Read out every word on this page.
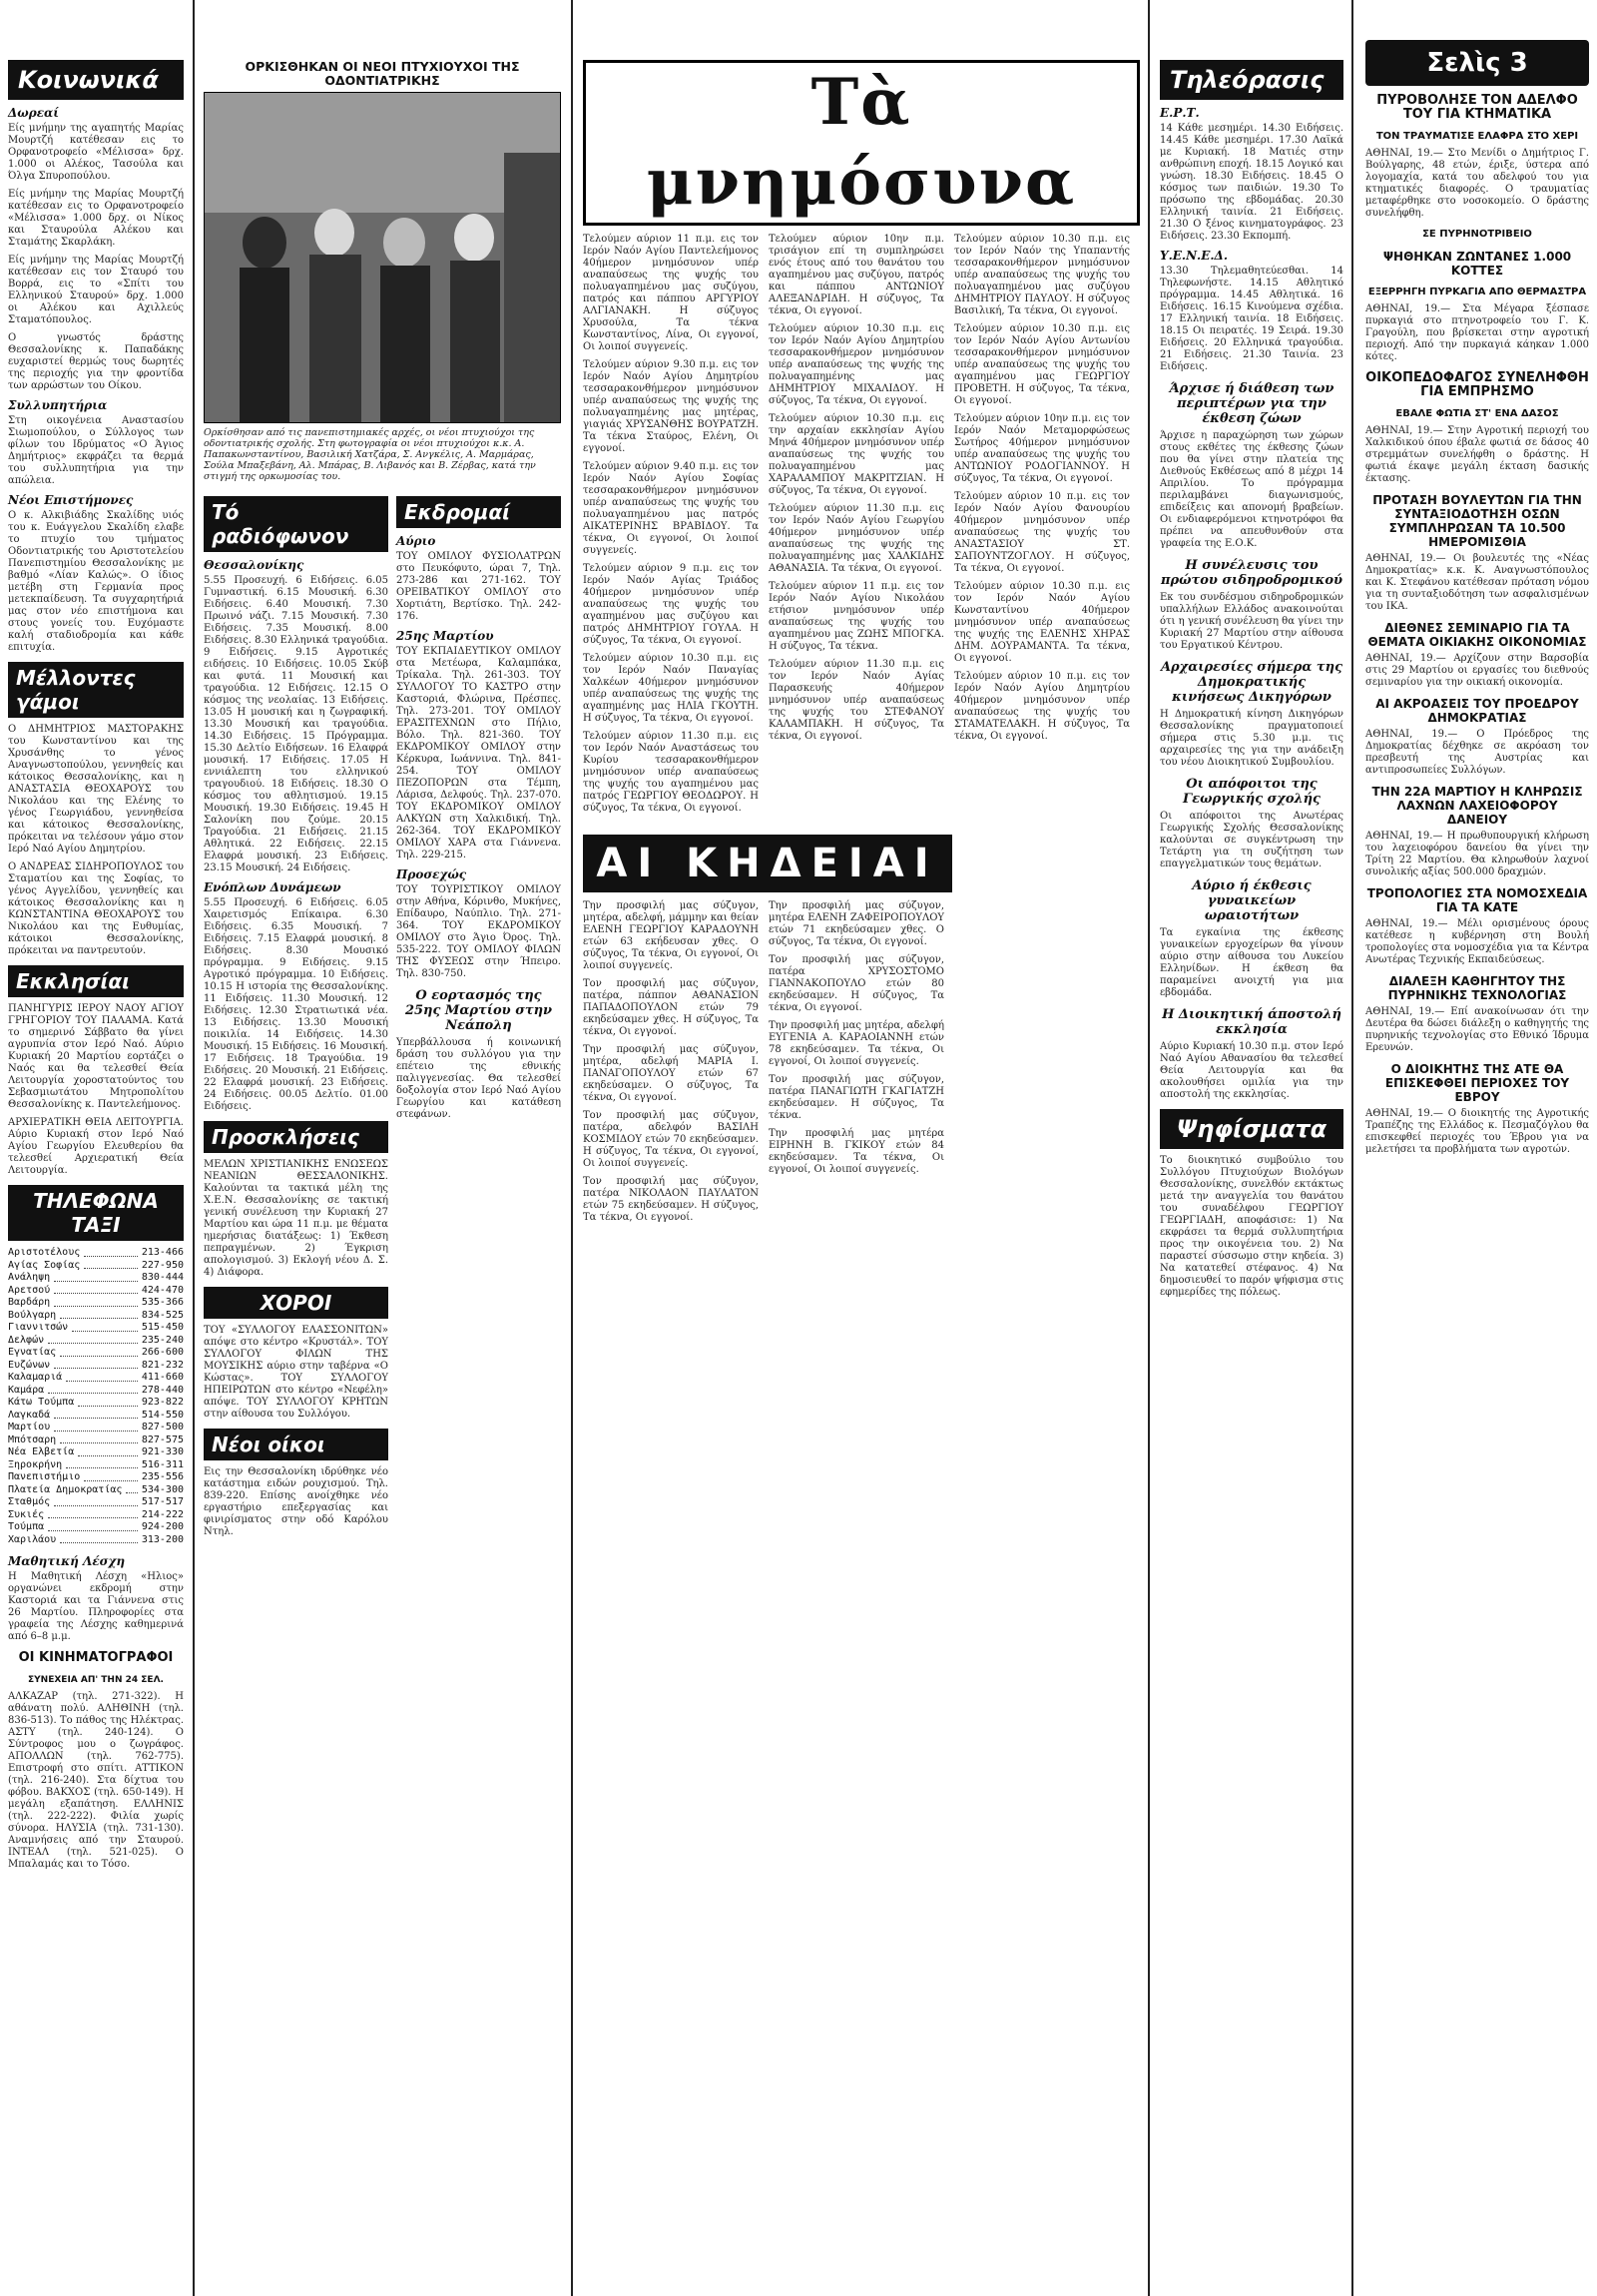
Κοινωνικά
Δωρεαί

Είς μνήμην της αγαπητής Μαρίας Μουρτζή κατέθεσαν εις το Ορφανοτροφείο «Μέλισσα» δρχ. 1.000 οι Αλέκος, Τασούλα και Όλγα Σπυροπούλου.

Είς μνήμην της Μαρίας Μουρτζή κατέθεσαν εις το Ορφανοτροφείο «Μέλισσα» 1.000 δρχ. οι Νίκος και Σταυρούλα Αλέκου και Σταμάτης Σκαρλάκη.

Είς μνήμην της Μαρίας Μουρτζή κατέθεσαν εις τον Σταυρό του Βορρά, εις το «Σπίτι του Ελληνικού Σταυρού» δρχ. 1.000 οι Αλέκου και Αχιλλεύς Σταματόπουλος.

Ο γνωστός δράστης Θεσσαλονίκης κ. Παπαδάκης ευχαριστεί θερμώς τους δωρητές της περιοχής για την φροντίδα των αρρώστων του Οίκου.

Συλλυπητήρια

Στη οικογένεια Αναστασίου Σιωμοπούλου, ο Σύλλογος των φίλων του Ιδρύματος «Ο Άγιος Δημήτριος» εκφράζει τα θερμά του συλλυπητήρια για την απώλεια.

Νέοι Επιστήμονες

Ο κ. Αλκιβιάδης Σκαλίδης υιός του κ. Ευάγγελου Σκαλίδη ελαβε το πτυχίο του τμήματος Οδοντιατρικής του Αριστοτελείου Πανεπιστημίου Θεσσαλονίκης με βαθμό «Λίαν Καλώς». Ο ίδιος μετέβη στη Γερμανία προς μετεκπαίδευση. Τα συγχαρητήριά μας στον νέο επιστήμονα και στους γονείς του. Ευχόμαστε καλή σταδιοδρομία και κάθε επιτυχία.

Μέλλοντες γάμοι

Ο ΔΗΜΗΤΡΙΟΣ ΜΑΣΤΟΡΑΚΗΣ του Κωνσταντίνου και της Χρυσάνθης το γένος Αναγνωστοπούλου, γεννηθείς και κάτοικος Θεσσαλονίκης, και η ΑΝΑΣΤΑΣΙΑ ΘΕΟΧΑΡΟΥΣ του Νικολάου και της Ελένης το γένος Γεωργιάδου, γεννηθείσα και κάτοικος Θεσσαλονίκης, πρόκειται να τελέσουν γάμο στον Ιερό Ναό Αγίου Δημητρίου.

Ο ΑΝΔΡΕΑΣ ΣΙΔΗΡΟΠΟΥΛΟΣ του Σταματίου και της Σοφίας, το γένος Αγγελίδου, γεννηθείς και κάτοικος Θεσσαλονίκης και η ΚΩΝΣΤΑΝΤΙΝΑ ΘΕΟΧΑΡΟΥΣ του Νικολάου και της Ευθυμίας, κάτοικοι Θεσσαλονίκης, πρόκειται να παντρευτούν.

Εκκλησίαι

ΠΑΝΗΓΥΡΙΣ ΙΕΡΟΥ ΝΑΟΥ ΑΓΙΟΥ ΓΡΗΓΟΡΙΟΥ ΤΟΥ ΠΑΛΑΜΑ. Κατά το σημερινό Σάββατο θα γίνει αγρυπνία στον Ιερό Ναό. Αύριο Κυριακή 20 Μαρτίου εορτάζει ο Ναός και θα τελεσθεί Θεία Λειτουργία χοροστατούντος του Σεβασμιωτάτου Μητροπολίτου Θεσσαλονίκης κ. Παντελεήμονος.

ΑΡΧΙΕΡΑΤΙΚΗ ΘΕΙΑ ΛΕΙΤΟΥΡΓΙΑ. Αύριο Κυριακή στον Ιερό Ναό Αγίου Γεωργίου Ελευθερίου θα τελεσθεί Αρχιερατική Θεία Λειτουργία.

ΤΗΛΕΦΩΝΑ ΤΑΞΙ
Αριστοτέλους	213-466
Αγίας Σοφίας	227-950
Ανάληψη	830-444
Αρετσού	424-470
Βαρδάρη	535-366
Βούλγαρη	834-525
Γιαννιτσών	515-450
Δελφών	235-240
Εγνατίας	266-600
Ευζώνων	821-232
Καλαμαριά	411-660
Καμάρα	278-440
Κάτω Τούμπα	923-822
Λαγκαδά	514-550
Μαρτίου	827-500
Μπότσαρη	827-575
Νέα Ελβετία	921-330
Ξηροκρήνη	516-311
Πανεπιστήμιο	235-556
Πλατεία Δημοκρατίας 534-300
Σταθμός	517-517
Συκιές	214-222
Τούμπα	924-200
Χαριλάου	313-200
Μαθητική Λέσχη

Η Μαθητική Λέσχη «Ηλιος» οργανώνει εκδρομή στην Καστοριά και τα Γιάννενα στις 26 Μαρτίου. Πληροφορίες στα γραφεία της Λέσχης καθημερινά από 6–8 μ.μ.

ΟΙ ΚΙΝΗΜΑΤΟΓΡΑΦΟΙ
ΣΥΝΕΧΕΙΑ ΑΠ' ΤΗΝ 24 ΣΕΛ.

ΑΛΚΑΖΑΡ (τηλ. 271-322). Η αθάνατη πολύ. ΑΛΗΘΙΝΗ (τηλ. 836-513). Το πάθος της Ηλέκτρας. ΑΣΤΥ (τηλ. 240-124). Ο Σύντροφος μου ο ζωγράφος. ΑΠΟΛΛΩΝ (τηλ. 762-775). Επιστροφή στο σπίτι. ΑΤΤΙΚΟΝ (τηλ. 216-240). Στα δίχτυα του φόβου. ΒΑΚΧΟΣ (τηλ. 650-149). Η μεγάλη εξαπάτηση. ΕΛΛΗΝΙΣ (τηλ. 222-222). Φιλία χωρίς σύνορα. ΗΛΥΣΙΑ (τηλ. 731-130). Αναμνήσεις από την Σταυρού. ΙΝΤΕΑΛ (τηλ. 521-025). Ο Μπαλαμάς και το Τόσο.

ΟΡΚΙΣΘΗΚΑΝ ΟΙ ΝΕΟΙ ΠΤΥΧΙΟΥΧΟΙ ΤΗΣ ΟΔΟΝΤΙΑΤΡΙΚΗΣ

Ορκίσθησαν από τις πανεπιστημιακές αρχές, οι νέοι πτυχιούχοι της οδοντιατρικής σχολής. Στη φωτογραφία οι νέοι πτυχιούχοι κ.κ. Α. Παπακωνσταντίνου, Βασιλική Χατζάρα, Σ. Ανγκέλις, Α. Μαρμάρας, Σούλα Μπαξεβάνη, Αλ. Μπάρας, Β. Λιβανός και Β. Ζέρβας, κατά την στιγμή της ορκωμοσίας του.

Τό ραδιόφωνον
Θεσσαλονίκης

5.55 Προσευχή. 6 Ειδήσεις. 6.05 Γυμναστική. 6.15 Μουσική. 6.30 Ειδήσεις. 6.40 Μουσική. 7.30 Πρωινό νάζι. 7.15 Μουσική. 7.30 Ειδήσεις. 7.35 Μουσική. 8.00 Ειδήσεις. 8.30 Ελληνικά τραγούδια. 9 Ειδήσεις. 9.15 Αγροτικές ειδήσεις. 10 Ειδήσεις. 10.05 Σκύβ και φυτά. 11 Μουσική και τραγούδια. 12 Ειδήσεις. 12.15 Ο κόσμος της νεολαίας. 13 Ειδήσεις. 13.05 Η μουσική και η ζωγραφική. 13.30 Μουσική και τραγούδια. 14.30 Ειδήσεις. 15 Πρόγραμμα. 15.30 Δελτίο Ειδήσεων. 16 Ελαφρά μουσική. 17 Ειδήσεις. 17.05 Η εννιάλεπτη του ελληνικού τραγουδιού. 18 Ειδήσεις. 18.30 Ο κόσμος του αθλητισμού. 19.15 Μουσική. 19.30 Ειδήσεις. 19.45 Η Σαλονίκη που ζούμε. 20.15 Τραγούδια. 21 Ειδήσεις. 21.15 Αθλητικά. 22 Ειδήσεις. 22.15 Ελαφρά μουσική. 23 Ειδήσεις. 23.15 Μουσική. 24 Ειδήσεις.

Ενόπλων Δυνάμεων

5.55 Προσευχή. 6 Ειδήσεις. 6.05 Χαιρετισμός Επίκαιρα. 6.30 Ειδήσεις. 6.35 Μουσική. 7 Ειδήσεις. 7.15 Ελαφρά μουσική. 8 Ειδήσεις. 8.30 Μουσικό πρόγραμμα. 9 Ειδήσεις. 9.15 Αγροτικό πρόγραμμα. 10 Ειδήσεις. 10.15 Η ιστορία της Θεσσαλονίκης. 11 Ειδήσεις. 11.30 Μουσική. 12 Ειδήσεις. 12.30 Στρατιωτικά νέα. 13 Ειδήσεις. 13.30 Μουσική ποικιλία. 14 Ειδήσεις. 14.30 Μουσική. 15 Ειδήσεις. 16 Μουσική. 17 Ειδήσεις. 18 Τραγούδια. 19 Ειδήσεις. 20 Μουσική. 21 Ειδήσεις. 22 Ελαφρά μουσική. 23 Ειδήσεις. 24 Ειδήσεις. 00.05 Δελτίο. 01.00 Ειδήσεις.

Προσκλήσεις

ΜΕΛΩΝ ΧΡΙΣΤΙΑΝΙΚΗΣ ΕΝΩΣΕΩΣ ΝΕΑΝΙΩΝ ΘΕΣΣΑΛΟΝΙΚΗΣ. Καλούνται τα τακτικά μέλη της Χ.Ε.Ν. Θεσσαλονίκης σε τακτική γενική συνέλευση την Κυριακή 27 Μαρτίου και ώρα 11 π.μ. με θέματα ημερήσιας διατάξεως: 1) Έκθεση πεπραγμένων. 2) Έγκριση απολογισμού. 3) Εκλογή νέου Δ. Σ. 4) Διάφορα.

ΧΟΡΟΙ

ΤΟΥ «ΣΥΛΛΟΓΟΥ ΕΛΑΣΣΟΝΙΤΩΝ» απόψε στο κέντρο «Κρυστάλ». ΤΟΥ ΣΥΛΛΟΓΟΥ ΦΙΛΩΝ ΤΗΣ ΜΟΥΣΙΚΗΣ αύριο στην ταβέρνα «Ο Κώστας». ΤΟΥ ΣΥΛΛΟΓΟΥ ΗΠΕΙΡΩΤΩΝ στο κέντρο «Νεφέλη» απόψε. ΤΟΥ ΣΥΛΛΟΓΟΥ ΚΡΗΤΩΝ στην αίθουσα του Συλλόγου.

Νέοι οίκοι

Εις την Θεσσαλονίκη ιδρύθηκε νέο κατάστημα ειδών ρουχισμού. Τηλ. 839-220. Επίσης ανοίχθηκε νέο εργαστήριο επεξεργασίας και φινιρίσματος στην οδό Καρόλου Ντηλ.

Εκδρομαί
Αύριο

ΤΟΥ ΟΜΙΛΟΥ ΦΥΣΙΟΛΑΤΡΩΝ στο Πευκόφυτο, ώραι 7, Τηλ. 273-286 και 271-162. ΤΟΥ ΟΡΕΙΒΑΤΙΚΟΥ ΟΜΙΛΟΥ στο Χορτιάτη, Βερτίσκο. Τηλ. 242-176.

25ης Μαρτίου

ΤΟΥ ΕΚΠΑΙΔΕΥΤΙΚΟΥ ΟΜΙΛΟΥ στα Μετέωρα, Καλαμπάκα, Τρίκαλα. Τηλ. 261-303. ΤΟΥ ΣΥΛΛΟΓΟΥ ΤΟ ΚΑΣΤΡΟ στην Καστοριά, Φλώρινα, Πρέσπες. Τηλ. 273-201. ΤΟΥ ΟΜΙΛΟΥ ΕΡΑΣΙΤΕΧΝΩΝ στο Πήλιο, Βόλο. Τηλ. 821-360. ΤΟΥ ΕΚΔΡΟΜΙΚΟΥ ΟΜΙΛΟΥ στην Κέρκυρα, Ιωάννινα. Τηλ. 841-254. ΤΟΥ ΟΜΙΛΟΥ ΠΕΖΟΠΟΡΩΝ στα Τέμπη, Λάρισα, Δελφούς. Τηλ. 237-070. ΤΟΥ ΕΚΔΡΟΜΙΚΟΥ ΟΜΙΛΟΥ ΑΛΚΥΩΝ στη Χαλκιδική. Τηλ. 262-364. ΤΟΥ ΕΚΔΡΟΜΙΚΟΥ ΟΜΙΛΟΥ ΧΑΡΑ στα Γιάννενα. Τηλ. 229-215.

Προσεχώς

ΤΟΥ ΤΟΥΡΙΣΤΙΚΟΥ ΟΜΙΛΟΥ στην Αθήνα, Κόρινθο, Μυκήνες, Επίδαυρο, Ναύπλιο. Τηλ. 271-364. ΤΟΥ ΕΚΔΡΟΜΙΚΟΥ ΟΜΙΛΟΥ στο Άγιο Όρος. Τηλ. 535-222. ΤΟΥ ΟΜΙΛΟΥ ΦΙΛΩΝ ΤΗΣ ΦΥΣΕΩΣ στην Ήπειρο. Τηλ. 830-750.

Ο εορτασμός της 25ης Μαρτίου στην Νεάπολη

Υπερβάλλουσα ή κοινωνική δράση του συλλόγου για την επέτειο της εθνικής παλιγγενεσίας. Θα τελεσθεί δοξολογία στον Ιερό Ναό Αγίου Γεωργίου και κατάθεση στεφάνων.

Τὰ μνημόσυνα

Τελούμεν αύριον 11 π.μ. εις τον Ιερόν Ναόν Αγίου Παντελεήμονος 40ήμερον μνημόσυνον υπέρ αναπαύσεως της ψυχής του πολυαγαπημένου μας συζύγου, πατρός και πάππου ΑΡΓΥΡΙΟΥ ΑΛΓΙΑΝΑΚΗ. Η σύζυγος Χρυσούλα, Τα τέκνα Κωνσταντίνος, Λίνα, Οι εγγονοί, Οι λοιποί συγγενείς.

Τελούμεν αύριον 9.30 π.μ. εις τον Ιερόν Ναόν Αγίου Δημητρίου τεσσαρακονθήμερον μνημόσυνον υπέρ αναπαύσεως της ψυχής της πολυαγαπημένης μας μητέρας, γιαγιάς ΧΡΥΣΑΝΘΗΣ ΒΟΥΡΑΤΖΗ. Τα τέκνα Σταύρος, Ελένη, Οι εγγονοί.

Τελούμεν αύριον 9.40 π.μ. εις τον Ιερόν Ναόν Αγίου Σοφίας τεσσαρακονθήμερον μνημόσυνον υπέρ αναπαύσεως της ψυχής του πολυαγαπημένου μας πατρός ΑΙΚΑΤΕΡΙΝΗΣ ΒΡΑΒΙΔΟΥ. Τα τέκνα, Οι εγγονοί, Οι λοιποί συγγενείς.

Τελούμεν αύριον 9 π.μ. εις τον Ιερόν Ναόν Αγίας Τριάδος 40ήμερον μνημόσυνον υπέρ αναπαύσεως της ψυχής του αγαπημένου μας συζύγου και πατρός ΔΗΜΗΤΡΙΟΥ ΓΟΥΛΑ. Η σύζυγος, Τα τέκνα, Οι εγγονοί.

Τελούμεν αύριον 10.30 π.μ. εις τον Ιερόν Ναόν Παναγίας Χαλκέων 40ήμερον μνημόσυνον υπέρ αναπαύσεως της ψυχής της αγαπημένης μας ΗΛΙΑ ΓΚΟΥΤΗ. Η σύζυγος, Τα τέκνα, Οι εγγονοί.

Τελούμεν αύριον 11.30 π.μ. εις τον Ιερόν Ναόν Αναστάσεως του Κυρίου τεσσαρακονθήμερον μνημόσυνον υπέρ αναπαύσεως της ψυχής του αγαπημένου μας πατρός ΓΕΩΡΓΙΟΥ ΘΕΟΔΩΡΟΥ. Η σύζυγος, Τα τέκνα, Οι εγγονοί.

Τελούμεν αύριον 10ην π.μ. τρισάγιον επί τη συμπληρώσει ενός έτους από του θανάτου του αγαπημένου μας συζύγου, πατρός και πάππου ΑΝΤΩΝΙΟΥ ΑΛΕΞΑΝΔΡΙΔΗ. Η σύζυγος, Τα τέκνα, Οι εγγονοί.

Τελούμεν αύριον 10.30 π.μ. εις τον Ιερόν Ναόν Αγίου Δημητρίου τεσσαρακονθήμερον μνημόσυνον υπέρ αναπαύσεως της ψυχής της πολυαγαπημένης μας ΔΗΜΗΤΡΙΟΥ ΜΙΧΑΛΙΔΟΥ. Η σύζυγος, Τα τέκνα, Οι εγγονοί.

Τελούμεν αύριον 10.30 π.μ. εις την αρχαίαν εκκλησίαν Αγίου Μηνά 40ήμερον μνημόσυνον υπέρ αναπαύσεως της ψυχής του πολυαγαπημένου μας ΧΑΡΑΛΑΜΠΟΥ ΜΑΚΡΙΤΖΙΑΝ. Η σύζυγος, Τα τέκνα, Οι εγγονοί.

Τελούμεν αύριον 11.30 π.μ. εις τον Ιερόν Ναόν Αγίου Γεωργίου 40ήμερον μνημόσυνον υπέρ αναπαύσεως της ψυχής της πολυαγαπημένης μας ΧΑΛΚΙΔΗΣ ΑΘΑΝΑΣΙΑ. Τα τέκνα, Οι εγγονοί.

Τελούμεν αύριον 11 π.μ. εις τον Ιερόν Ναόν Αγίου Νικολάου ετήσιον μνημόσυνον υπέρ αναπαύσεως της ψυχής του αγαπημένου μας ΖΩΗΣ ΜΠΟΓΚΑ. Η σύζυγος, Τα τέκνα.

Τελούμεν αύριον 11.30 π.μ. εις τον Ιερόν Ναόν Αγίας Παρασκευής 40ήμερον μνημόσυνον υπέρ αναπαύσεως της ψυχής του ΣΤΕΦΑΝΟΥ ΚΑΛΑΜΠΑΚΗ. Η σύζυγος, Τα τέκνα, Οι εγγονοί.

Τελούμεν αύριον 10.30 π.μ. εις τον Ιερόν Ναόν της Υπαπαντής τεσσαρακονθήμερον μνημόσυνον υπέρ αναπαύσεως της ψυχής του πολυαγαπημένου μας συζύγου ΔΗΜΗΤΡΙΟΥ ΠΑΥΛΟΥ. Η σύζυγος Βασιλική, Τα τέκνα, Οι εγγονοί.

Τελούμεν αύριον 10.30 π.μ. εις τον Ιερόν Ναόν Αγίου Αντωνίου τεσσαρακονθήμερον μνημόσυνον υπέρ αναπαύσεως της ψυχής του αγαπημένου μας ΓΕΩΡΓΙΟΥ ΠΡΟΒΕΤΗ. Η σύζυγος, Τα τέκνα, Οι εγγονοί.

Τελούμεν αύριον 10ην π.μ. εις τον Ιερόν Ναόν Μεταμορφώσεως Σωτήρος 40ήμερον μνημόσυνον υπέρ αναπαύσεως της ψυχής του ΑΝΤΩΝΙΟΥ ΡΟΔΟΓΙΑΝΝΟΥ. Η σύζυγος, Τα τέκνα, Οι εγγονοί.

Τελούμεν αύριον 10 π.μ. εις τον Ιερόν Ναόν Αγίου Φανουρίου 40ήμερον μνημόσυνον υπέρ αναπαύσεως της ψυχής του ΑΝΑΣΤΑΣΙΟΥ ΣΤ. ΣΑΠΟΥΝΤΖΟΓΛΟΥ. Η σύζυγος, Τα τέκνα, Οι εγγονοί.

Τελούμεν αύριον 10.30 π.μ. εις τον Ιερόν Ναόν Αγίου Κωνσταντίνου 40ήμερον μνημόσυνον υπέρ αναπαύσεως της ψυχής της ΕΛΕΝΗΣ ΧΗΡΑΣ ΔΗΜ. ΔΟΥΡΑΜΑΝΤΑ. Τα τέκνα, Οι εγγονοί.

Τελούμεν αύριον 10 π.μ. εις τον Ιερόν Ναόν Αγίου Δημητρίου 40ήμερον μνημόσυνον υπέρ αναπαύσεως της ψυχής του ΣΤΑΜΑΤΕΛΑΚΗ. Η σύζυγος, Τα τέκνα, Οι εγγονοί.

ΑΙ ΚΗΔΕΙΑΙ

Την προσφιλή μας σύζυγον, μητέρα, αδελφή, μάμμην και θείαν ΕΛΕΝΗ ΓΕΩΡΓΙΟΥ ΚΑΡΑΔΟΥΝΗ ετών 63 εκήδευσαν χθες. Ο σύζυγος, Τα τέκνα, Οι εγγονοί, Οι λοιποί συγγενείς.

Τον προσφιλή μας σύζυγον, πατέρα, πάππον ΑΘΑΝΑΣΙΟΝ ΠΑΠΑΔΟΠΟΥΛΟΝ ετών 79 εκηδεύσαμεν χθες. Η σύζυγος, Τα τέκνα, Οι εγγονοί.

Την προσφιλή μας σύζυγον, μητέρα, αδελφή ΜΑΡΙΑ Ι. ΠΑΝΑΓΟΠΟΥΛΟΥ ετών 67 εκηδεύσαμεν. Ο σύζυγος, Τα τέκνα, Οι εγγονοί.

Τον προσφιλή μας σύζυγον, πατέρα, αδελφόν ΒΑΣΙΛΗ ΚΟΣΜΙΔΟΥ ετών 70 εκηδεύσαμεν. Η σύζυγος, Τα τέκνα, Οι εγγονοί, Οι λοιποί συγγενείς.

Τον προσφιλή μας σύζυγον, πατέρα ΝΙΚΟΛΑΟΝ ΠΑΥΛΑΤΟΝ ετών 75 εκηδεύσαμεν. Η σύζυγος, Τα τέκνα, Οι εγγονοί.

Την προσφιλή μας σύζυγον, μητέρα ΕΛΕΝΗ ΖΑΦΕΙΡΟΠΟΥΛΟΥ ετών 71 εκηδεύσαμεν χθες. Ο σύζυγος, Τα τέκνα, Οι εγγονοί.

Τον προσφιλή μας σύζυγον, πατέρα ΧΡΥΣΟΣΤΟΜΟ ΓΙΑΝΝΑΚΟΠΟΥΛΟ ετών 80 εκηδεύσαμεν. Η σύζυγος, Τα τέκνα, Οι εγγονοί.

Την προσφιλή μας μητέρα, αδελφή ΕΥΓΕΝΙΑ Α. ΚΑΡΑΟΙΑΝΝΗ ετών 78 εκηδεύσαμεν. Τα τέκνα, Οι εγγονοί, Οι λοιποί συγγενείς.

Τον προσφιλή μας σύζυγον, πατέρα ΠΑΝΑΓΙΩΤΗ ΓΚΑΓΙΑΤΖΗ εκηδεύσαμεν. Η σύζυγος, Τα τέκνα.

Την προσφιλή μας μητέρα ΕΙΡΗΝΗ Β. ΓΚΙΚΟΥ ετών 84 εκηδεύσαμεν. Τα τέκνα, Οι εγγονοί, Οι λοιποί συγγενείς.

Τηλεόρασις
Ε.Ρ.Τ.

14 Κάθε μεσημέρι. 14.30 Ειδήσεις. 14.45 Κάθε μεσημέρι. 17.30 Λαϊκά με Κυριακή. 18 Ματιές στην ανθρώπινη εποχή. 18.15 Λογικό και γνώση. 18.30 Ειδήσεις. 18.45 Ο κόσμος των παιδιών. 19.30 Το πρόσωπο της εβδομάδας. 20.30 Ελληνική ταινία. 21 Ειδήσεις. 21.30 Ο ξένος κινηματογράφος. 23 Ειδήσεις. 23.30 Εκπομπή.

Υ.Ε.Ν.Ε.Δ.

13.30 Τηλεμαθητεύεσθαι. 14 Τηλεφωνήστε. 14.15 Αθλητικό πρόγραμμα. 14.45 Αθλητικά. 16 Ειδήσεις. 16.15 Κινούμενα σχέδια. 17 Ελληνική ταινία. 18 Ειδήσεις. 18.15 Οι πειρατές. 19 Σειρά. 19.30 Ειδήσεις. 20 Ελληνικά τραγούδια. 21 Ειδήσεις. 21.30 Ταινία. 23 Ειδήσεις.

Άρχισε ή διάθεση των περιπτέρων για την έκθεση ζώων

Άρχισε η παραχώρηση των χώρων στους εκθέτες της έκθεσης ζώων που θα γίνει στην πλατεία της Διεθνούς Εκθέσεως από 8 μέχρι 14 Απριλίου. Το πρόγραμμα περιλαμβάνει διαγωνισμούς, επιδείξεις και απονομή βραβείων. Οι ενδιαφερόμενοι κτηνοτρόφοι θα πρέπει να απευθυνθούν στα γραφεία της Ε.Ο.Κ.

Η συνέλευσις του πρώτου σιδηροδρομικού

Εκ του συνδέσμου σιδηροδρομικών υπαλλήλων Ελλάδος ανακοινούται ότι η γενική συνέλευση θα γίνει την Κυριακή 27 Μαρτίου στην αίθουσα του Εργατικού Κέντρου.

Αρχαιρεσίες σήμερα της Δημοκρατικής κινήσεως Δικηγόρων

Η Δημοκρατική κίνηση Δικηγόρων Θεσσαλονίκης πραγματοποιεί σήμερα στις 5.30 μ.μ. τις αρχαιρεσίες της για την ανάδειξη του νέου Διοικητικού Συμβουλίου.

Οι απόφοιτοι της Γεωργικής σχολής

Οι απόφοιτοι της Ανωτέρας Γεωργικής Σχολής Θεσσαλονίκης καλούνται σε συγκέντρωση την Τετάρτη για τη συζήτηση των επαγγελματικών τους θεμάτων.

Αύριο ή έκθεσις γυναικείων ωραιοτήτων

Τα εγκαίνια της έκθεσης γυναικείων εργοχείρων θα γίνουν αύριο στην αίθουσα του Λυκείου Ελληνίδων. Η έκθεση θα παραμείνει ανοιχτή για μια εβδομάδα.

Η Διοικητική άποστολή εκκλησία

Αύριο Κυριακή 10.30 π.μ. στον Ιερό Ναό Αγίου Αθανασίου θα τελεσθεί Θεία Λειτουργία και θα ακολουθήσει ομιλία για την αποστολή της εκκλησίας.

Ψηφίσματα

Το διοικητικό συμβούλιο του Συλλόγου Πτυχιούχων Βιολόγων Θεσσαλονίκης, συνελθόν εκτάκτως μετά την αναγγελία του θανάτου του συναδέλφου ΓΕΩΡΓΙΟΥ ΓΕΩΡΓΙΑΔΗ, αποφάσισε: 1) Να εκφράσει τα θερμά συλλυπητήρια προς την οικογένεια του. 2) Να παραστεί σύσσωμο στην κηδεία. 3) Να κατατεθεί στέφανος. 4) Να δημοσιευθεί το παρόν ψήφισμα στις εφημερίδες της πόλεως.

Σελὶς 3
ΠΥΡΟΒΟΛΗΣΕ ΤΟΝ ΑΔΕΛΦΟ ΤΟΥ ΓΙΑ ΚΤΗΜΑΤΙΚΑ
ΤΟΝ ΤΡΑΥΜΑΤΙΣΕ ΕΛΑΦΡΑ ΣΤΟ ΧΕΡΙ

ΑΘΗΝΑΙ, 19.— Στο Μενίδι ο Δημήτριος Γ. Βούλγαρης, 48 ετών, έριξε, ύστερα από λογομαχία, κατά του αδελφού του για κτηματικές διαφορές. Ο τραυματίας μεταφέρθηκε στο νοσοκομείο. Ο δράστης συνελήφθη.

ΣΕ ΠΥΡΗΝΟΤΡΙΒΕΙΟ
ΨΗΘΗΚΑΝ ΖΩΝΤΑΝΕΣ 1.000 ΚΟΤΤΕΣ
ΕΞΕΡΡΗΓΗ ΠΥΡΚΑΓΙΑ ΑΠΟ ΘΕΡΜΑΣΤΡΑ

ΑΘΗΝΑΙ, 19.— Στα Μέγαρα ξέσπασε πυρκαγιά στο πτηνοτροφείο του Γ. Κ. Γραγούλη, που βρίσκεται στην αγροτική περιοχή. Από την πυρκαγιά κάηκαν 1.000 κότες.

ΟΙΚΟΠΕΔΟΦΑΓΟΣ ΣΥΝΕΛΗΦΘΗ ΓΙΑ ΕΜΠΡΗΣΜΟ
ΕΒΑΛΕ ΦΩΤΙΑ ΣΤ' ΕΝΑ ΔΑΣΟΣ

ΑΘΗΝΑΙ, 19.— Στην Αγροτική περιοχή του Χαλκιδικού όπου έβαλε φωτιά σε δάσος 40 στρεμμάτων συνελήφθη ο δράστης. Η φωτιά έκαψε μεγάλη έκταση δασικής έκτασης.

ΠΡΟΤΑΣΗ ΒΟΥΛΕΥΤΩΝ ΓΙΑ ΤΗΝ ΣΥΝΤΑΞΙΟΔΟΤΗΣΗ ΟΣΩΝ ΣΥΜΠΛΗΡΩΣΑΝ ΤΑ 10.500 ΗΜΕΡΟΜΙΣΘΙΑ

ΑΘΗΝΑΙ, 19.— Οι βουλευτές της «Νέας Δημοκρατίας» κ.κ. Κ. Αναγνωστόπουλος και Κ. Στεφάνου κατέθεσαν πρόταση νόμου για τη συνταξιοδότηση των ασφαλισμένων του ΙΚΑ.

ΔΙΕΘΝΕΣ ΣΕΜΙΝΑΡΙΟ ΓΙΑ ΤΑ ΘΕΜΑΤΑ ΟΙΚΙΑΚΗΣ ΟΙΚΟΝΟΜΙΑΣ

ΑΘΗΝΑΙ, 19.— Αρχίζουν στην Βαρσοβία στις 29 Μαρτίου οι εργασίες του διεθνούς σεμιναρίου για την οικιακή οικονομία.

ΑΙ ΑΚΡΟΑΣΕΙΣ ΤΟΥ ΠΡΟΕΔΡΟΥ ΔΗΜΟΚΡΑΤΙΑΣ

ΑΘΗΝΑΙ, 19.— Ο Πρόεδρος της Δημοκρατίας δέχθηκε σε ακρόαση τον πρεσβευτή της Αυστρίας και αντιπροσωπείες Συλλόγων.

ΤΗΝ 22Α ΜΑΡΤΙΟΥ Η ΚΛΗΡΩΣΙΣ ΛΑΧΝΩΝ ΛΑΧΕΙΟΦΟΡΟΥ ΔΑΝΕΙΟΥ

ΑΘΗΝΑΙ, 19.— Η πρωθυπουργική κλήρωση του λαχειοφόρου δανείου θα γίνει την Τρίτη 22 Μαρτίου. Θα κληρωθούν λαχνοί συνολικής αξίας 500.000 δραχμών.

ΤΡΟΠΟΛΟΓΙΕΣ ΣΤΑ ΝΟΜΟΣΧΕΔΙΑ ΓΙΑ ΤΑ ΚΑΤΕ

ΑΘΗΝΑΙ, 19.— Μέλι ορισμένους όρους κατέθεσε η κυβέρνηση στη Βουλή τροπολογίες στα νομοσχέδια για τα Κέντρα Ανωτέρας Τεχνικής Εκπαιδεύσεως.

ΔΙΑΛΕΞΗ ΚΑΘΗΓΗΤΟΥ ΤΗΣ ΠΥΡΗΝΙΚΗΣ ΤΕΧΝΟΛΟΓΙΑΣ

ΑΘΗΝΑΙ, 19.— Επί ανακοίνωσαν ότι την Δευτέρα θα δώσει διάλεξη ο καθηγητής της πυρηνικής τεχνολογίας στο Εθνικό Ίδρυμα Ερευνών.

Ο ΔΙΟΙΚΗΤΗΣ ΤΗΣ ΑΤΕ ΘΑ ΕΠΙΣΚΕΦΘΕΙ ΠΕΡΙΟΧΕΣ ΤΟΥ ΕΒΡΟΥ

ΑΘΗΝΑΙ, 19.— Ο διοικητής της Αγροτικής Τραπέζης της Ελλάδος κ. Πεσμαζόγλου θα επισκεφθεί περιοχές του Έβρου για να μελετήσει τα προβλήματα των αγροτών.
